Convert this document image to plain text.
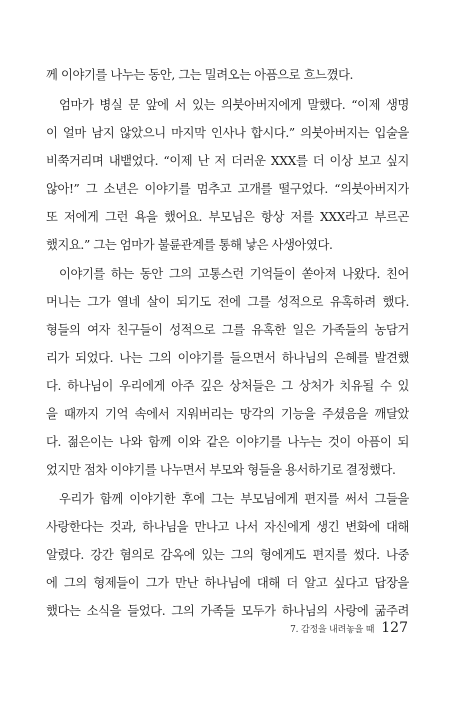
께 이야기를 나누는 동안, 그는 밀려오는 아픔으로 흐느꼈다.
엄마가 병실 문 앞에 서 있는 의붓아버지에게 말했다. “이제 생명
이 얼마 남지 않았으니 마지막 인사나 합시다.” 의붓아버지는 입술을
비쭉거리며 내뱉었다. “이제 난 저 더러운 XXX를 더 이상 보고 싶지
않아!” 그 소년은 이야기를 멈추고 고개를 떨구었다. “의붓아버지가
또 저에게 그런 욕을 했어요. 부모님은 항상 저를 XXX라고 부르곤
했지요.” 그는 엄마가 불륜관계를 통해 낳은 사생아였다.
이야기를 하는 동안 그의 고통스런 기억들이 쏟아져 나왔다. 친어
머니는 그가 열네 살이 되기도 전에 그를 성적으로 유혹하려 했다.
형들의 여자 친구들이 성적으로 그를 유혹한 일은 가족들의 농담거
리가 되었다. 나는 그의 이야기를 들으면서 하나님의 은혜를 발견했
다. 하나님이 우리에게 아주 깊은 상처들은 그 상처가 치유될 수 있
을 때까지 기억 속에서 지워버리는 망각의 기능을 주셨음을 깨달았
다. 젊은이는 나와 함께 이와 같은 이야기를 나누는 것이 아픔이 되
었지만 점차 이야기를 나누면서 부모와 형들을 용서하기로 결정했다.
우리가 함께 이야기한 후에 그는 부모님에게 편지를 써서 그들을
사랑한다는 것과, 하나님을 만나고 나서 자신에게 생긴 변화에 대해
알렸다. 강간 혐의로 감옥에 있는 그의 형에게도 편지를 썼다. 나중
에 그의 형제들이 그가 만난 하나님에 대해 더 알고 싶다고 답장을
했다는 소식을 들었다. 그의 가족들 모두가 하나님의 사랑에 굶주려
7. 감정을 내려놓을 때 127
